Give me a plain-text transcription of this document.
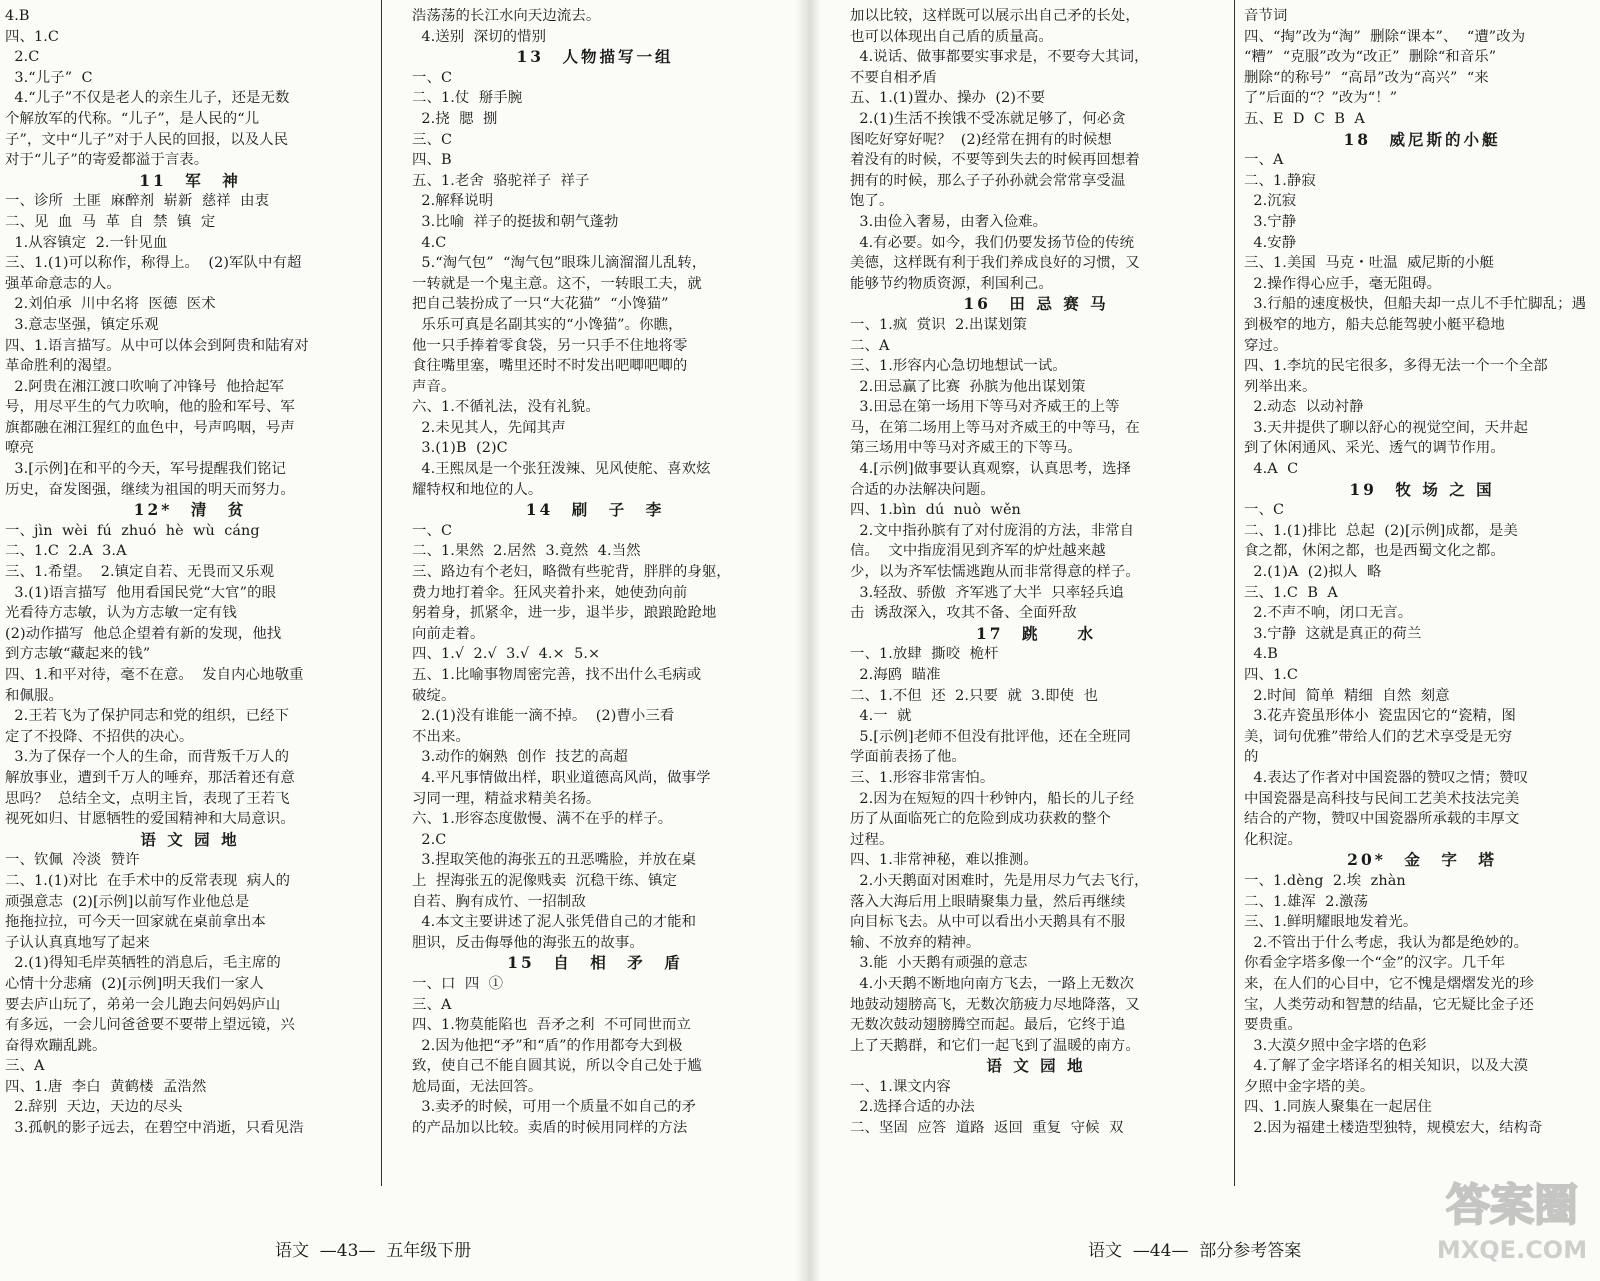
4.B
四、1.C
2.C
3.“儿子”  C
4.“儿子”不仅是老人的亲生儿子，还是无数
个解放军的代称。“儿子”，是人民的“儿
子”，文中“儿子”对于人民的回报，以及人民
对于“儿子”的寄爱都溢于言表。
11　军　神
一、诊所  土匪  麻醉剂  崭新  慈祥  由衷
二、见  血  马  革  自  禁  镇  定
1.从容镇定  2.一针见血
三、1.(1)可以称作，称得上。  (2)军队中有超
强革命意志的人。
2.刘伯承  川中名将  医德  医术
3.意志坚强，镇定乐观
四、1.语言描写。从中可以体会到阿贵和陆宥对
革命胜利的渴望。
2.阿贵在湘江渡口吹响了冲锋号  他拾起军
号，用尽平生的气力吹响，他的脸和军号、军
旗都融在湘江猩红的血色中，号声呜咽，号声
嘹亮
3.[示例]在和平的今天，军号提醒我们铭记
历史，奋发图强，继续为祖国的明天而努力。
12*　清　贫
一、jìn  wèi  fú  zhuó  hè  wù  cáng
二、1.C  2.A  3.A
三、1.希望。  2.镇定自若、无畏而又乐观
3.(1)语言描写  他用看国民党“大官”的眼
光看待方志敏，认为方志敏一定有钱
(2)动作描写  他总企望着有新的发现，他找
到方志敏“藏起来的钱”
四、1.和平对待，毫不在意。  发自内心地敬重
和佩服。
2.王若飞为了保护同志和党的组织，已经下
定了不投降、不招供的决心。
3.为了保存一个人的生命，而背叛千万人的
解放事业，遭到千万人的唾弃，那活着还有意
思吗？  总结全文，点明主旨，表现了王若飞
视死如归、甘愿牺牲的爱国精神和大局意识。
语 文 园 地
一、钦佩  冷淡  赞许
二、1.(1)对比  在手术中的反常表现  病人的
顽强意志  (2)[示例]以前写作业他总是
拖拖拉拉，可今天一回家就在桌前拿出本
子认认真真地写了起来
2.(1)得知毛岸英牺牲的消息后，毛主席的
心情十分悲痛  (2)[示例]明天我们一家人
要去庐山玩了，弟弟一会儿跑去问妈妈庐山
有多远，一会儿问爸爸要不要带上望远镜，兴
奋得欢蹦乱跳。
三、A
四、1.唐  李白  黄鹤楼  孟浩然
2.辞别  天边，天边的尽头
3.孤帆的影子远去，在碧空中消逝，只看见浩
浩荡荡的长江水向天边流去。
4.送别  深切的惜别
13　人物描写一组
一、C
二、1.仗  掰手腕
2.挠  腮  捌
三、C
四、B
五、1.老舍  骆驼祥子  祥子
2.解释说明
3.比喻  祥子的挺拔和朝气蓬勃
4.C
5.“淘气包”  “淘气包”眼珠儿滴溜溜儿乱转，
一转就是一个鬼主意。这不，一转眼工夫，就
把自己装扮成了一只“大花猫”  “小馋猫”
乐乐可真是名副其实的“小馋猫”。你瞧，
他一只手捧着零食袋，另一只手不住地将零
食往嘴里塞，嘴里还时不时发出吧唧吧唧的
声音。
六、1.不循礼法，没有礼貌。
2.未见其人，先闻其声
3.(1)B  (2)C
4.王熙凤是一个张狂泼辣、见风使舵、喜欢炫
耀特权和地位的人。
14　刷　子　李
一、C
二、1.果然  2.居然  3.竟然  4.当然
三、路边有个老妇，略微有些驼背，胖胖的身躯，
费力地打着伞。狂风夹着扑来，她使劲向前
躬着身，抓紧伞，进一步，退半步，踉踉跄跄地
向前走着。
四、1.√  2.√  3.√  4.×  5.×
五、1.比喻事物周密完善，找不出什么毛病或
破绽。
2.(1)没有谁能一滴不掉。  (2)曹小三看
不出来。
3.动作的娴熟  创作  技艺的高超
4.平凡事情做出样，职业道德高风尚，做事学
习同一理，精益求精美名扬。
六、1.形容态度傲慢、满不在乎的样子。
2.C
3.捏取笑他的海张五的丑恶嘴脸，并放在桌
上  捏海张五的泥像贱卖  沉稳干练、镇定
自若、胸有成竹、一招制敌
4.本文主要讲述了泥人张凭借自己的才能和
胆识，反击侮辱他的海张五的故事。
15　自　相　矛　盾
一、口  四  ①
三、A
四、1.物莫能陷也  吾矛之利  不可同世而立
2.因为他把“矛”和“盾”的作用都夸大到极
致，使自己不能自圆其说，所以令自己处于尴
尬局面，无法回答。
3.卖矛的时候，可用一个质量不如自己的矛
的产品加以比较。卖盾的时候用同样的方法
加以比较，这样既可以展示出自己矛的长处，
也可以体现出自己盾的质量高。
4.说话、做事都要实事求是，不要夸大其词，
不要自相矛盾
五、1.(1)置办、操办  (2)不要
2.(1)生活不挨饿不受冻就足够了，何必贪
图吃好穿好呢？  (2)经常在拥有的时候想
着没有的时候，不要等到失去的时候再回想着
拥有的时候，那么子子孙孙就会常常享受温
饱了。
3.由俭入奢易，由奢入俭难。
4.有必要。如今，我们仍要发扬节俭的传统
美德，这样既有利于我们养成良好的习惯，又
能够节约物质资源，利国利己。
16　田 忌 赛 马
一、1.疯  赏识  2.出谋划策
二、A
三、1.形容内心急切地想试一试。
2.田忌赢了比赛  孙膑为他出谋划策
3.田忌在第一场用下等马对齐威王的上等
马，在第二场用上等马对齐威王的中等马，在
第三场用中等马对齐威王的下等马。
4.[示例]做事要认真观察，认真思考，选择
合适的办法解决问题。
四、1.bìn  dú  nuò  wěn
2.文中指孙膑有了对付庞涓的方法，非常自
信。  文中指庞涓见到齐军的炉灶越来越
少，以为齐军怯懦逃跑从而非常得意的样子。
3.轻敌、骄傲  齐军逃了大半  只率轻兵追
击  诱敌深入，攻其不备、全面歼敌
17　跳　　水
一、1.放肆  撕咬  桅杆
2.海鸥  瞄准
二、1.不但  还  2.只要  就  3.即使  也
4.一  就
5.[示例]老师不但没有批评他，还在全班同
学面前表扬了他。
三、1.形容非常害怕。
2.因为在短短的四十秒钟内，船长的儿子经
历了从面临死亡的危险到成功获救的整个
过程。
四、1.非常神秘，难以推测。
2.小天鹅面对困难时，先是用尽力气去飞行，
落入大海后用上眼睛聚集力量，然后再继续
向目标飞去。从中可以看出小天鹅具有不服
输、不放弃的精神。
3.能  小天鹅有顽强的意志
4.小天鹅不断地向南方飞去，一路上无数次
地鼓动翅膀高飞，无数次筋疲力尽地降落，又
无数次鼓动翅膀腾空而起。最后，它终于追
上了天鹅群，和它们一起飞到了温暖的南方。
语 文 园 地
一、1.课文内容
2.选择合适的办法
二、坚固  应答  道路  返回  重复  守候  双
音节词
四、“掏”改为“淘”  删除“课本”、  “遭”改为
“糟”  “克服”改为“改正”  删除“和音乐”
删除“的称号”  “高昂”改为“高兴”  “来
了”后面的“？”改为“！”
五、E  D  C  B  A
18　威尼斯的小艇
一、A
二、1.静寂
2.沉寂
3.宁静
4.安静
三、1.美国  马克・吐温  威尼斯的小艇
2.操作得心应手，毫无阻碍。
3.行船的速度极快，但船夫却一点儿不手忙脚乱；遇
到极窄的地方，船夫总能驾驶小艇平稳地
穿过。
四、1.李坑的民宅很多，多得无法一个一个全部
列举出来。
2.动态  以动衬静
3.天井提供了聊以舒心的视觉空间，天井起
到了休闲通风、采光、透气的调节作用。
4.A  C
19　牧 场 之 国
一、C
二、1.(1)排比  总起  (2)[示例]成都，是美
食之都，休闲之都，也是西蜀文化之都。
2.(1)A  (2)拟人  略
三、1.C  B  A
2.不声不响，闭口无言。
3.宁静  这就是真正的荷兰
4.B
四、1.C
2.时间  简单  精细  自然  刻意
3.花卉瓷虽形体小  瓷盅因它的“瓷精，图
美，词句优雅”带给人们的艺术享受是无穷
的
4.表达了作者对中国瓷器的赞叹之情；赞叹
中国瓷器是高科技与民间工艺美术技法完美
结合的产物，赞叹中国瓷器所承载的丰厚文
化积淀。
20*　金　字　塔
一、1.dèng  2.埃  zhàn
二、1.雄浑  2.激荡
三、1.鲜明耀眼地发着光。
2.不管出于什么考虑，我认为都是绝妙的。
你看金字塔多像一个“金”的汉字。几千年
来，在人们的心目中，它不愧是熠熠发光的珍
宝，人类劳动和智慧的结晶，它无疑比金子还
要贵重。
3.大漠夕照中金字塔的色彩
4.了解了金字塔译名的相关知识，以及大漠
夕照中金字塔的美。
四、1.同族人聚集在一起居住
2.因为福建土楼造型独特，规模宏大，结构奇
语文  —43—  五年级下册	语文  —44—  部分参考答案
答案圈
MXQE.COM
